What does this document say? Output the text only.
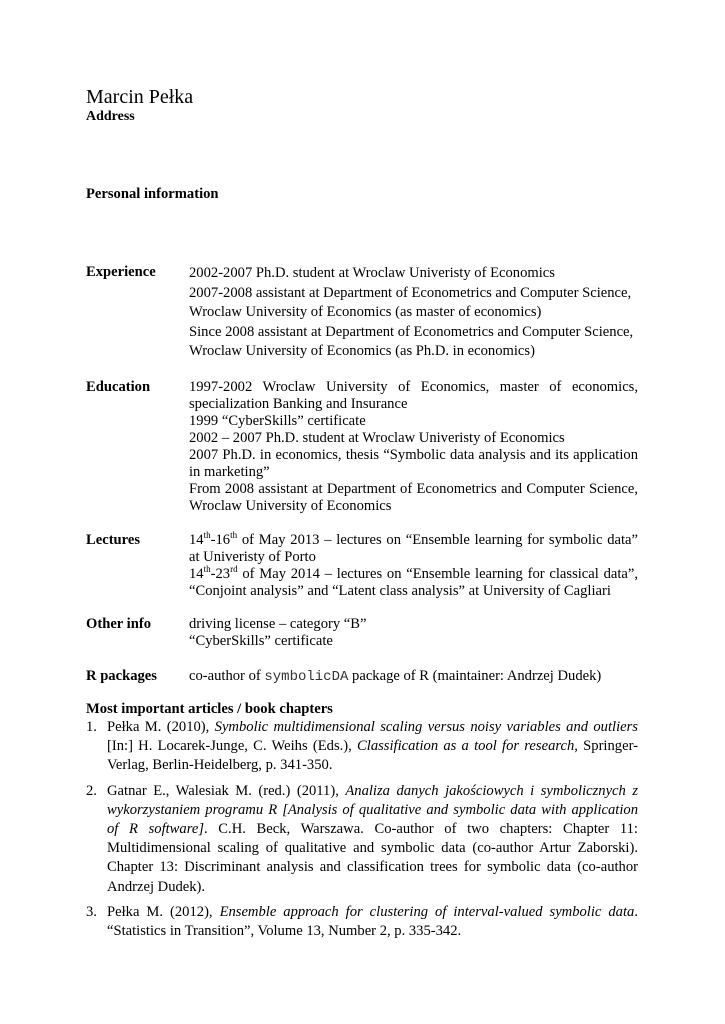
Marcin Pełka
Address
Personal information
Experience 2002-2007 Ph.D. student at Wroclaw Univeristy of Economics
2007-2008 assistant at Department of Econometrics and Computer Science,
Wroclaw University of Economics (as master of economics)
Since 2008 assistant at Department of Econometrics and Computer Science,
Wroclaw University of Economics (as Ph.D. in economics)
Education	1997-2002 Wroclaw University of Economics, master of economics, specialization Banking and Insurance
1999 “CyberSkills” certificate
2002 – 2007 Ph.D. student at Wroclaw Univeristy of Economics
2007 Ph.D. in economics, thesis “Symbolic data analysis and its application in marketing”
From 2008 assistant at Department of Econometrics and Computer Science, Wroclaw University of Economics
Lectures	14th-16th of May 2013 – lectures on “Ensemble learning for symbolic data” at Univeristy of Porto
14th-23rd of May 2014 – lectures on “Ensemble learning for classical data”, “Conjoint analysis” and “Latent class analysis” at University of Cagliari
Other info	driving license – category “B”
“CyberSkills” certificate
R packages co-author of symbolicDA package of R (maintainer: Andrzej Dudek)
Most important articles / book chapters
1. Pełka M. (2010), Symbolic multidimensional scaling versus noisy variables and outliers [In:] H. Locarek-Junge, C. Weihs (Eds.), Classification as a tool for research, Springer-Verlag, Berlin-Heidelberg, p. 341-350.
2. Gatnar E., Walesiak M. (red.) (2011), Analiza danych jakościowych i symbolicznych z wykorzystaniem programu R [Analysis of qualitative and symbolic data with application of R software]. C.H. Beck, Warszawa. Co-author of two chapters: Chapter 11: Multidimensional scaling of qualitative and symbolic data (co-author Artur Zaborski). Chapter 13: Discriminant analysis and classification trees for symbolic data (co-author Andrzej Dudek).
3. Pełka M. (2012), Ensemble approach for clustering of interval-valued symbolic data. “Statistics in Transition”, Volume 13, Number 2, p. 335-342.
